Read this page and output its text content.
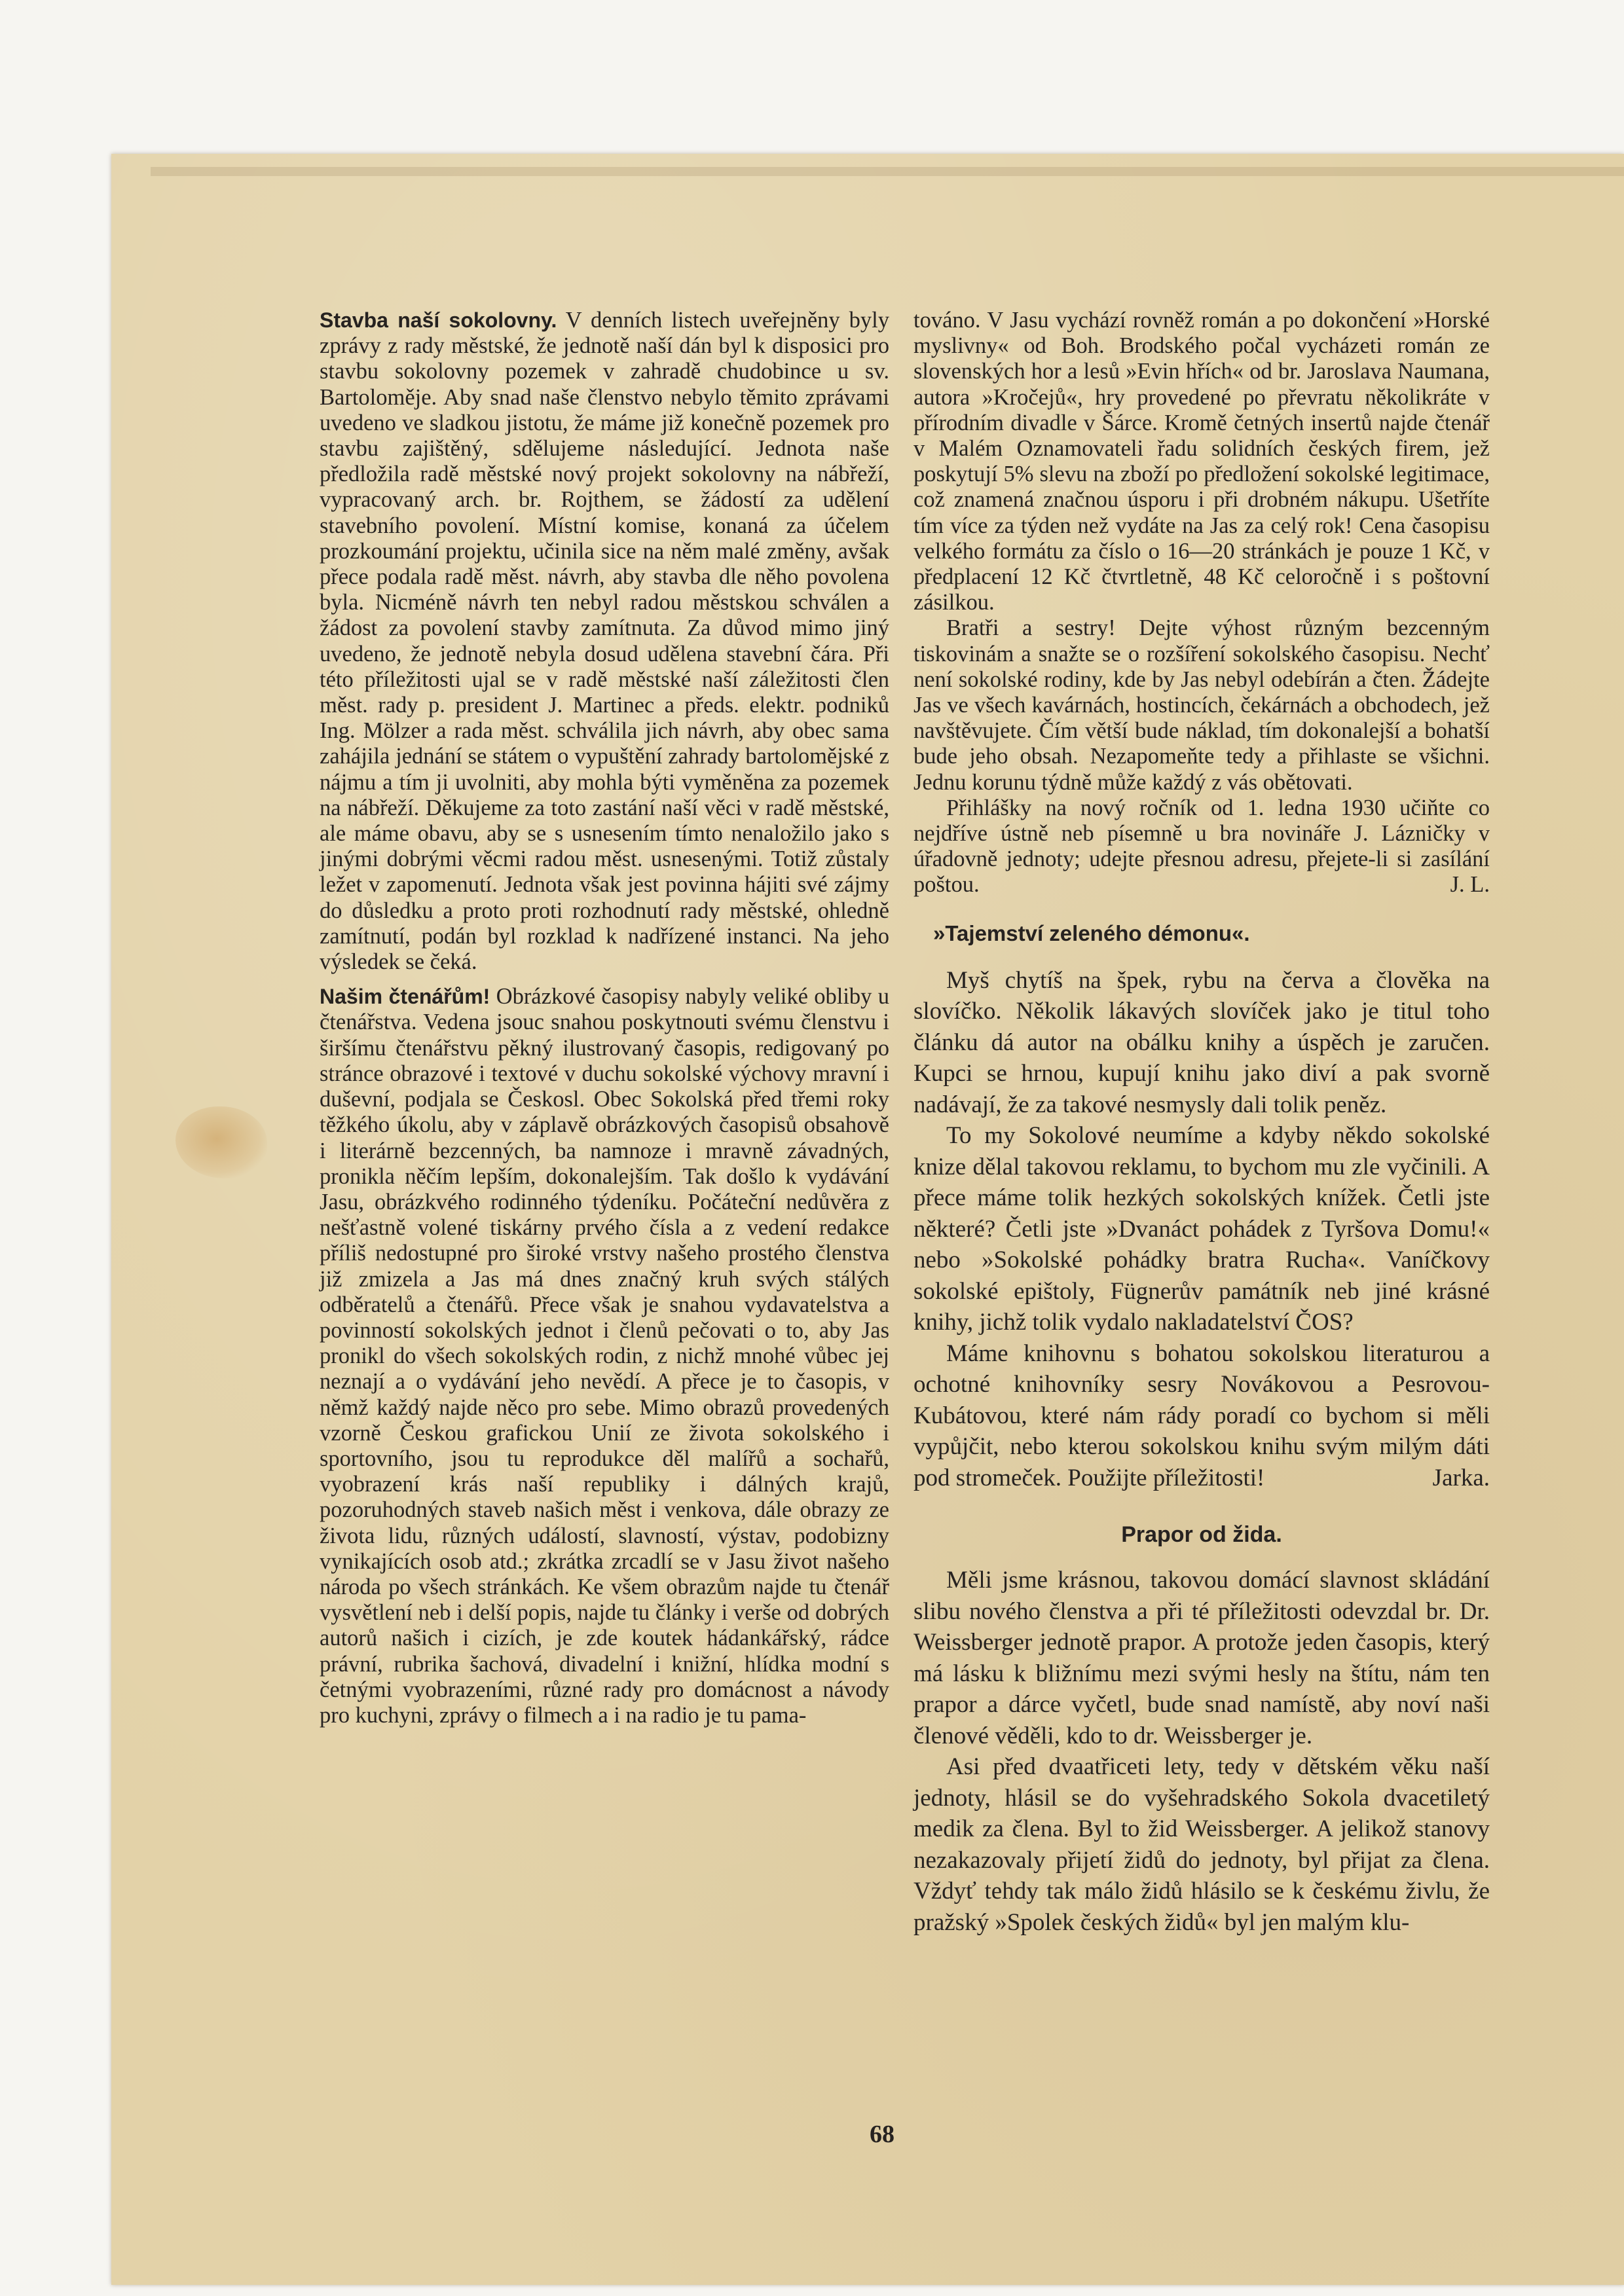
Stavba naší sokolovny. V denních listech uveřejněny byly zprávy z rady městské, že jednotě naší dán byl k disposici pro stavbu sokolovny pozemek v zahradě chudobince u sv. Bartoloměje. Aby snad naše členstvo nebylo těmito zprávami uvedeno ve sladkou jistotu, že máme již konečně pozemek pro stavbu zajištěný, sdělujeme následující. Jednota naše předložila radě městské nový projekt sokolovny na nábřeží, vypracovaný arch. br. Rojthem, se žádostí za udělení stavebního povolení. Místní komise, konaná za účelem prozkoumání projektu, učinila sice na něm malé změny, avšak přece podala radě měst. návrh, aby stavba dle něho povolena byla. Nicméně návrh ten nebyl radou městskou schválen a žádost za povolení stavby zamítnuta. Za důvod mimo jiný uvedeno, že jednotě nebyla dosud udělena stavební čára. Při této příležitosti ujal se v radě městské naší záležitosti člen měst. rady p. president J. Martinec a předs. elektr. podniků Ing. Mölzer a rada měst. schválila jich návrh, aby obec sama zahájila jednání se státem o vypuštění zahrady bartolomějské z nájmu a tím ji uvolniti, aby mohla býti vyměněna za pozemek na nábřeží. Děkujeme za toto zastání naší věci v radě městské, ale máme obavu, aby se s usnesením tímto nenaložilo jako s jinými dobrými věcmi radou měst. usnesenými. Totiž zůstaly ležet v zapomenutí. Jednota však jest povinna hájiti své zájmy do důsledku a proto proti rozhodnutí rady městské, ohledně zamítnutí, podán byl rozklad k nadřízené instanci. Na jeho výsledek se čeká.

Našim čtenářům! Obrázkové časopisy nabyly veliké obliby u čtenářstva. Vedena jsouc snahou poskytnouti svému členstvu i širšímu čtenářstvu pěkný ilustrovaný časopis, redigovaný po stránce obrazové i textové v duchu sokolské výchovy mravní i duševní, podjala se Českosl. Obec Sokolská před třemi roky těžkého úkolu, aby v záplavě obrázkových časopisů obsahově i literárně bezcenných, ba namnoze i mravně závadných, pronikla něčím lepším, dokonalejším. Tak došlo k vydávání Jasu, obrázkvého rodinného týdeníku. Počáteční nedůvěra z nešťastně volené tiskárny prvého čísla a z vedení redakce příliš nedostupné pro široké vrstvy našeho prostého členstva již zmizela a Jas má dnes značný kruh svých stálých odběratelů a čtenářů. Přece však je snahou vydavatelstva a povinností sokolských jednot i členů pečovati o to, aby Jas pronikl do všech sokolských rodin, z nichž mnohé vůbec jej neznají a o vydávání jeho nevědí. A přece je to časopis, v němž každý najde něco pro sebe. Mimo obrazů provedených vzorně Českou grafickou Unií ze života sokolského i sportovního, jsou tu reprodukce děl malířů a sochařů, vyobrazení krás naší republiky i dálných krajů, pozoruhodných staveb našich měst i venkova, dále obrazy ze života lidu, různých událostí, slavností, výstav, podobizny vynikajících osob atd.; zkrátka zrcadlí se v Jasu život našeho národa po všech stránkách. Ke všem obrazům najde tu čtenář vysvětlení neb i delší popis, najde tu články i verše od dobrých autorů našich i cizích, je zde koutek hádankářský, rádce právní, rubrika šachová, divadelní i knižní, hlídka modní s četnými vyobrazeními, různé rady pro domácnost a návody pro kuchyni, zprávy o filmech a i na radio je tu pama-

továno. V Jasu vychází rovněž román a po dokončení »Horské myslivny« od Boh. Brodského počal vycházeti román ze slovenských hor a lesů »Evin hřích« od br. Jaroslava Naumana, autora »Kročejů«, hry provedené po převratu několikráte v přírodním divadle v Šárce. Kromě četných insertů najde čtenář v Malém Oznamovateli řadu solidních českých firem, jež poskytují 5% slevu na zboží po předložení sokolské legitimace, což znamená značnou úsporu i při drobném nákupu. Ušetříte tím více za týden než vydáte na Jas za celý rok! Cena časopisu velkého formátu za číslo o 16—20 stránkách je pouze 1 Kč, v předplacení 12 Kč čtvrtletně, 48 Kč celoročně i s poštovní zásilkou.

Bratři a sestry! Dejte výhost různým bezcenným tiskovinám a snažte se o rozšíření sokolského časopisu. Nechť není sokolské rodiny, kde by Jas nebyl odebírán a čten. Žádejte Jas ve všech kavárnách, hostincích, čekárnách a obchodech, jež navštěvujete. Čím větší bude náklad, tím dokonalejší a bohatší bude jeho obsah. Nezapomeňte tedy a přihlaste se všichni. Jednu korunu týdně může každý z vás obětovati.

Přihlášky na nový ročník od 1. ledna 1930 učiňte co nejdříve ústně neb písemně u bra novináře J. Lázničky v úřadovně jednoty; udejte přesnou adresu, přejete-li si zasílání poštou.	J. L.

»Tajemství zeleného démonu«.

Myš chytíš na špek, rybu na červa a člověka na slovíčko. Několik lákavých slovíček jako je titul toho článku dá autor na obálku knihy a úspěch je zaručen. Kupci se hrnou, kupují knihu jako diví a pak svorně nadávají, že za takové nesmysly dali tolik peněz.

To my Sokolové neumíme a kdyby někdo sokolské knize dělal takovou reklamu, to bychom mu zle vyčinili. A přece máme tolik hezkých sokolských knížek. Četli jste některé? Četli jste »Dvanáct pohádek z Tyršova Domu!« nebo »Sokolské pohádky bratra Rucha«. Vaníčkovy sokolské epištoly, Fügnerův památník neb jiné krásné knihy, jichž tolik vydalo nakladatelství ČOS?

Máme knihovnu s bohatou sokolskou literaturou a ochotné knihovníky sesry Novákovou a Pesrovou-Kubátovou, které nám rády poradí co bychom si měli vypůjčit, nebo kterou sokolskou knihu svým milým dáti pod stromeček. Použijte příležitosti!	Jarka.

Prapor od žida.

Měli jsme krásnou, takovou domácí slavnost skládání slibu nového členstva a při té příležitosti odevzdal br. Dr. Weissberger jednotě prapor. A protože jeden časopis, který má lásku k bližnímu mezi svými hesly na štítu, nám ten prapor a dárce vyčetl, bude snad namístě, aby noví naši členové věděli, kdo to dr. Weissberger je.

Asi před dvaatřiceti lety, tedy v dětském věku naší jednoty, hlásil se do vyšehradského Sokola dvacetiletý medik za člena. Byl to žid Weissberger. A jelikož stanovy nezakazovaly přijetí židů do jednoty, byl přijat za člena. Vždyť tehdy tak málo židů hlásilo se k českému živlu, že pražský »Spolek českých židů« byl jen malým klu-

68
